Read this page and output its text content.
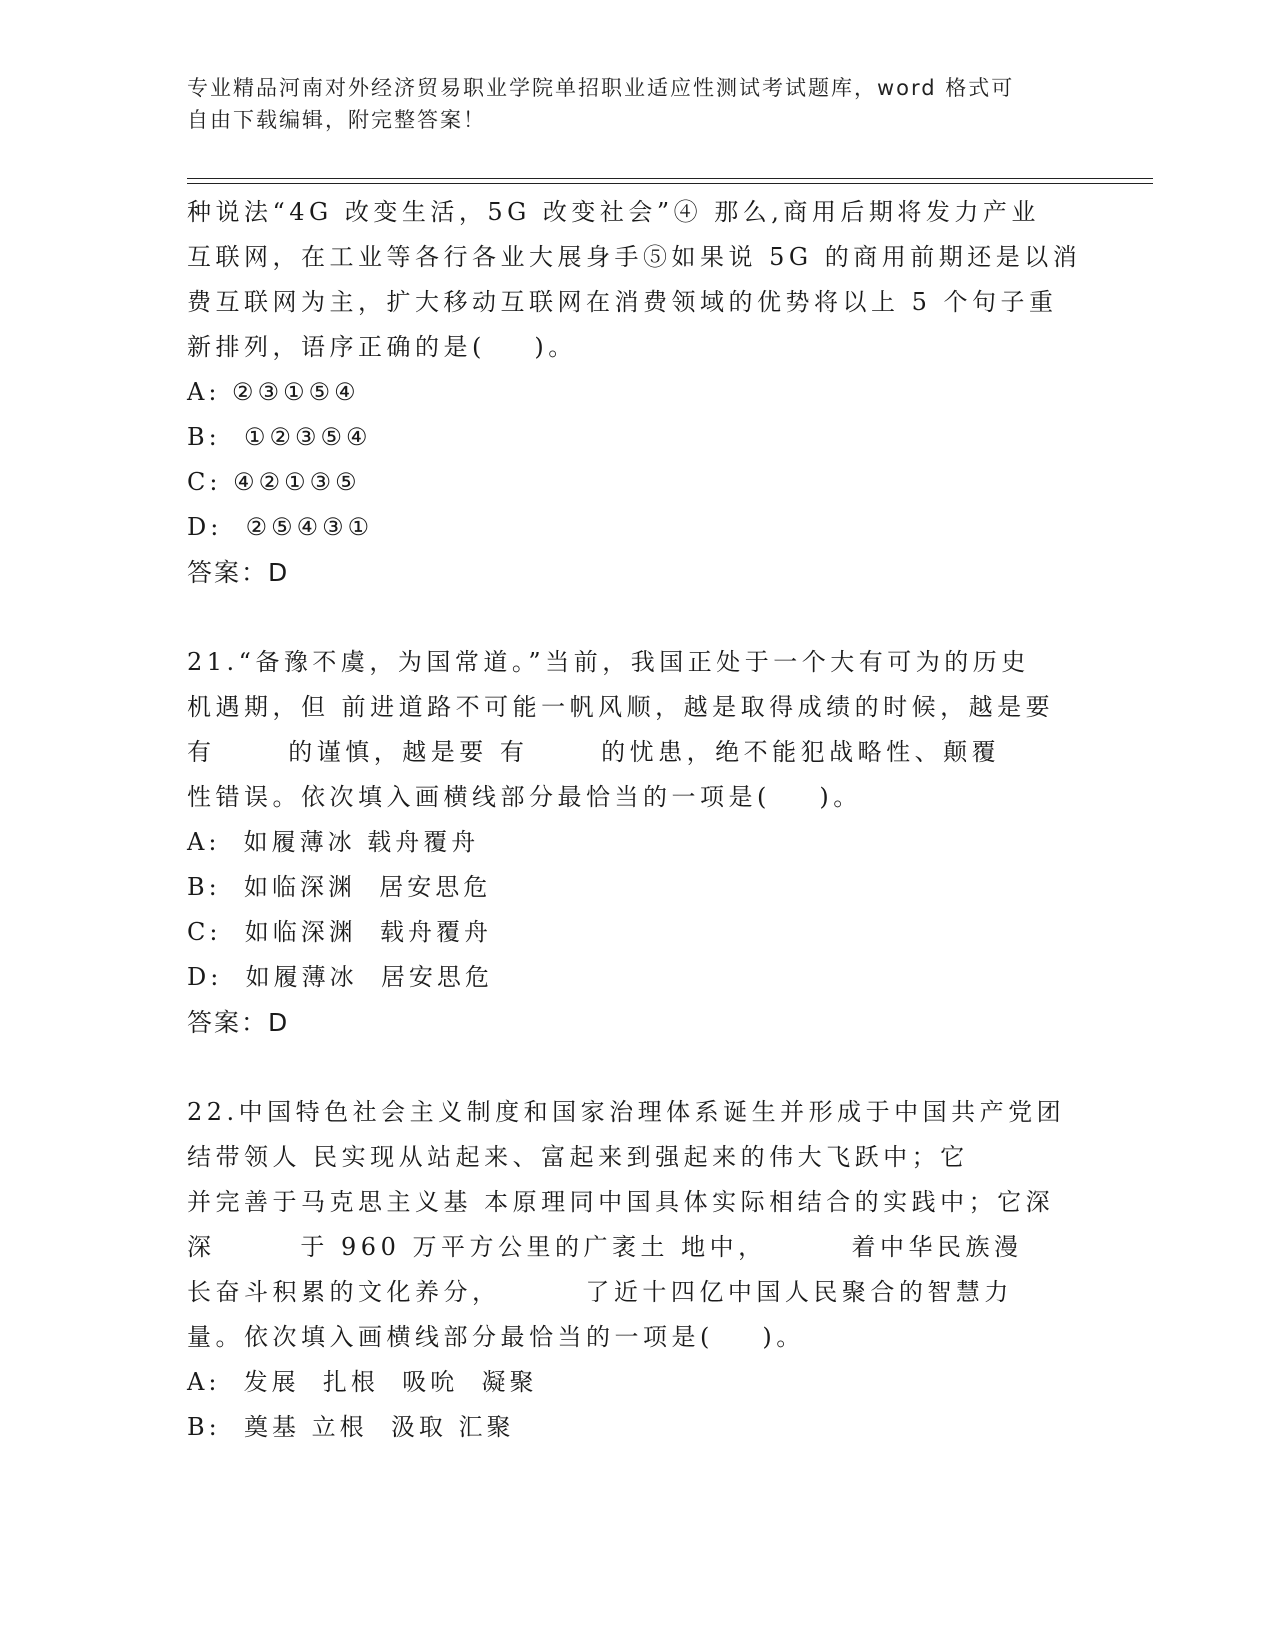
专业精品河南对外经济贸易职业学院单招职业适应性测试考试题库，word 格式可
自由下载编辑，附完整答案！
种说法“4G 改变生活，5G 改变社会”④ 那么,商用后期将发力产业
互联网，在工业等各行各业大展身手⑤如果说 5G 的商用前期还是以消
费互联网为主，扩大移动互联网在消费领域的优势将以上 5 个句子重
新排列，语序正确的是(    )。
A: ②③①⑤④
B:  ①②③⑤④
C: ④②①③⑤
D:  ②⑤④③①
答案：D
21.“备豫不虞，为国常道。”当前，我国正处于一个大有可为的历史
机遇期，但 前进道路不可能一帆风顺，越是取得成绩的时候，越是要
有      的谨慎，越是要 有      的忧患，绝不能犯战略性、颠覆
性错误。依次填入画横线部分最恰当的一项是(    )。
A:  如履薄冰 载舟覆舟
B:  如临深渊  居安思危
C:  如临深渊  载舟覆舟
D:  如履薄冰  居安思危
答案：D
22.中国特色社会主义制度和国家治理体系诞生并形成于中国共产党团
结带领人 民实现从站起来、富起来到强起来的伟大飞跃中；它
并完善于马克思主义基 本原理同中国具体实际相结合的实践中；它深
深       于 960 万平方公里的广袤土 地中，       着中华民族漫
长奋斗积累的文化养分，       了近十四亿中国人民聚合的智慧力
量。依次填入画横线部分最恰当的一项是(    )。
A:  发展  扎根  吸吮  凝聚
B:  奠基 立根  汲取 汇聚
